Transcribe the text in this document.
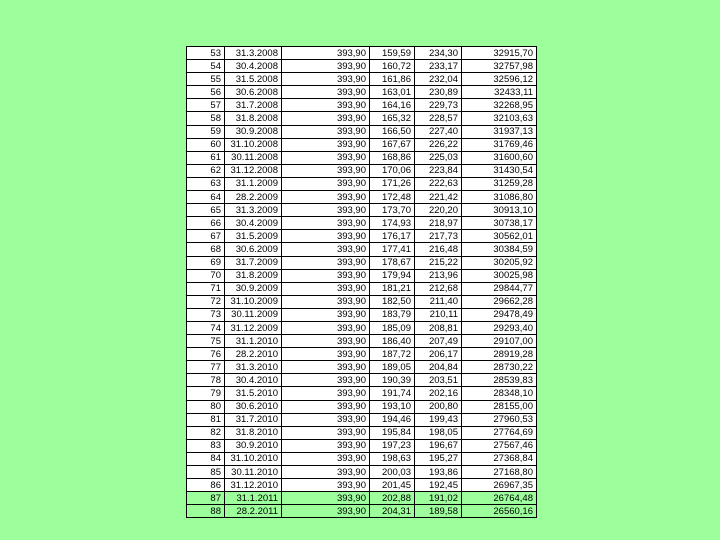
53	31.3.2008	393,90	159,59	234,30	32915,70
54	30.4.2008	393,90	160,72	233,17	32757,98
55	31.5.2008	393,90	161,86	232,04	32596,12
56	30.6.2008	393,90	163,01	230,89	32433,11
57	31.7.2008	393,90	164,16	229,73	32268,95
58	31.8.2008	393,90	165,32	228,57	32103,63
59	30.9.2008	393,90	166,50	227,40	31937,13
60	31.10.2008	393,90	167,67	226,22	31769,46
61	30.11.2008	393,90	168,86	225,03	31600,60
62	31.12.2008	393,90	170,06	223,84	31430,54
63	31.1.2009	393,90	171,26	222,63	31259,28
64	28.2.2009	393,90	172,48	221,42	31086,80
65	31.3.2009	393,90	173,70	220,20	30913,10
66	30.4.2009	393,90	174,93	218,97	30738,17
67	31.5.2009	393,90	176,17	217,73	30562,01
68	30.6.2009	393,90	177,41	216,48	30384,59
69	31.7.2009	393,90	178,67	215,22	30205,92
70	31.8.2009	393,90	179,94	213,96	30025,98
71	30.9.2009	393,90	181,21	212,68	29844,77
72	31.10.2009	393,90	182,50	211,40	29662,28
73	30.11.2009	393,90	183,79	210,11	29478,49
74	31.12.2009	393,90	185,09	208,81	29293,40
75	31.1.2010	393,90	186,40	207,49	29107,00
76	28.2.2010	393,90	187,72	206,17	28919,28
77	31.3.2010	393,90	189,05	204,84	28730,22
78	30.4.2010	393,90	190,39	203,51	28539,83
79	31.5.2010	393,90	191,74	202,16	28348,10
80	30.6.2010	393,90	193,10	200,80	28155,00
81	31.7.2010	393,90	194,46	199,43	27960,53
82	31.8.2010	393,90	195,84	198,05	27764,69
83	30.9.2010	393,90	197,23	196,67	27567,46
84	31.10.2010	393,90	198,63	195,27	27368,84
85	30.11.2010	393,90	200,03	193,86	27168,80
86	31.12.2010	393,90	201,45	192,45	26967,35
87	31.1.2011	393,90	202,88	191,02	26764,48
88	28.2.2011	393,90	204,31	189,58	26560,16
